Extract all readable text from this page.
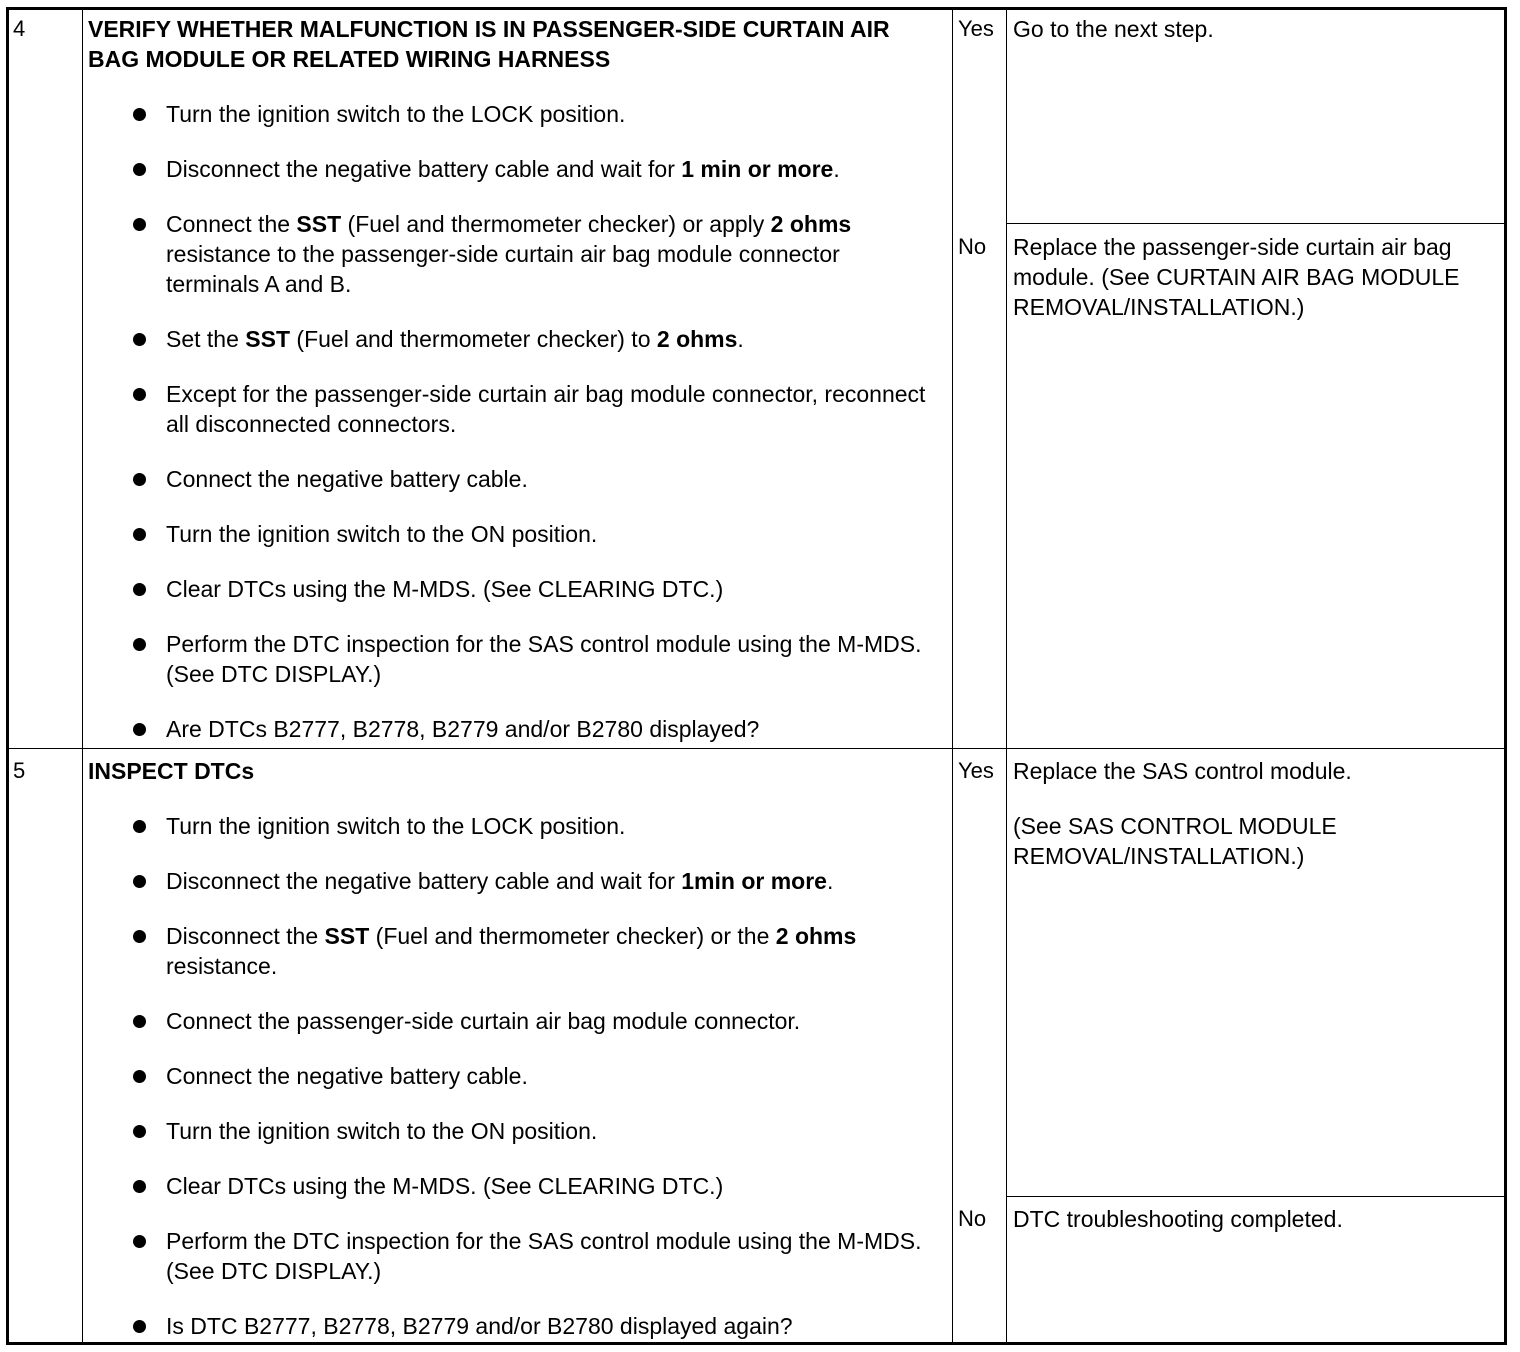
4	VERIFY WHETHER MALFUNCTION IS IN PASSENGER-SIDE CURTAIN AIR BAG MODULE OR RELATED WIRING HARNESS

Turn the ignition switch to the LOCK position.
Disconnect the negative battery cable and wait for 1 min or more.
Connect the SST (Fuel and thermometer checker) or apply 2 ohms resistance to the passenger-side curtain air bag module connector terminals A and B.
Set the SST (Fuel and thermometer checker) to 2 ohms.
Except for the passenger-side curtain air bag module connector, reconnect all disconnected connectors.
Connect the negative battery cable.
Turn the ignition switch to the ON position.
Clear DTCs using the M-MDS. (See CLEARING DTC.)
Perform the DTC inspection for the SAS control module using the M-MDS. (See DTC DISPLAY.)
Are DTCs B2777, B2778, B2779 and/or B2780 displayed?
Yes Go to the next step.
No Replace the passenger-side curtain air bag module. (See CURTAIN AIR BAG MODULE REMOVAL/INSTALLATION.)
5	INSPECT DTCs

Turn the ignition switch to the LOCK position.
Disconnect the negative battery cable and wait for 1min or more.
Disconnect the SST (Fuel and thermometer checker) or the 2 ohms resistance.
Connect the passenger-side curtain air bag module connector.
Connect the negative battery cable.
Turn the ignition switch to the ON position.
Clear DTCs using the M-MDS. (See CLEARING DTC.)
Perform the DTC inspection for the SAS control module using the M-MDS. (See DTC DISPLAY.)
Is DTC B2777, B2778, B2779 and/or B2780 displayed again?
Yes Replace the SAS control module.
(See SAS CONTROL MODULE REMOVAL/INSTALLATION.)
No DTC troubleshooting completed.
